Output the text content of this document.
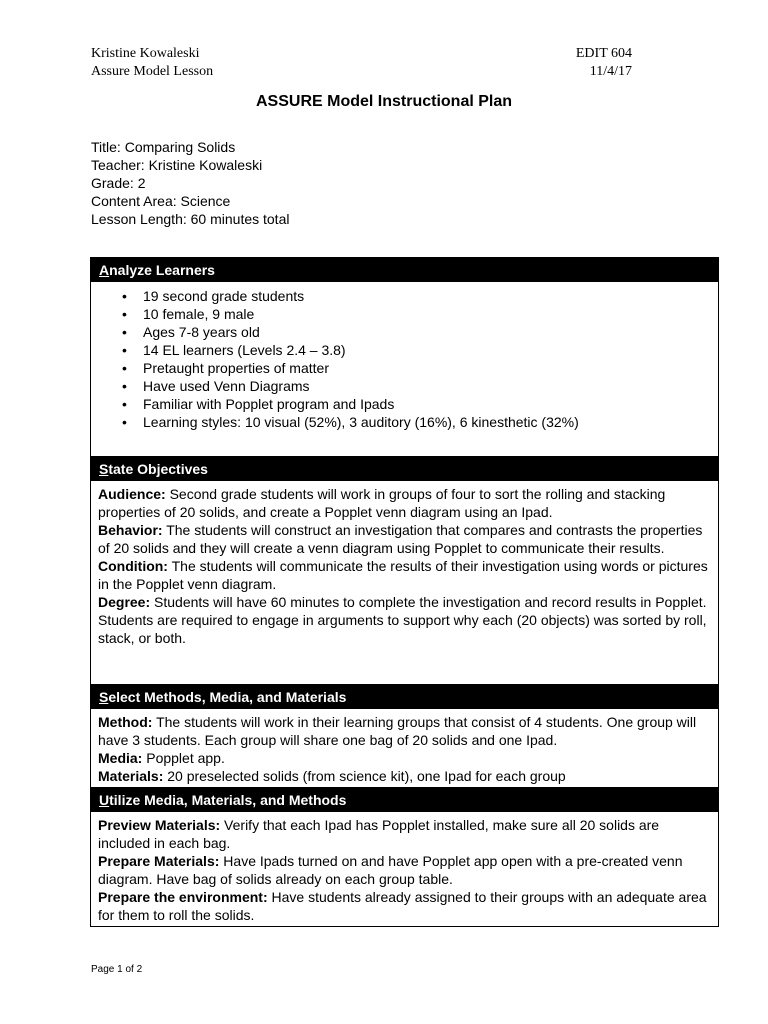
Kristine Kowaleski
Assure Model Lesson
EDIT 604
11/4/17
ASSURE Model Instructional Plan
Title: Comparing Solids
Teacher: Kristine Kowaleski
Grade: 2
Content Area: Science
Lesson Length: 60 minutes total
Analyze Learners
• 19 second grade students
• 10 female, 9 male
• Ages 7-8 years old
• 14 EL learners (Levels 2.4 – 3.8)
• Pretaught properties of matter
• Have used Venn Diagrams
• Familiar with Popplet program and Ipads
• Learning styles: 10 visual (52%), 3 auditory (16%), 6 kinesthetic (32%)
State Objectives

Audience: Second grade students will work in groups of four to sort the rolling and stacking properties of 20 solids, and create a Popplet venn diagram using an Ipad.

Behavior: The students will construct an investigation that compares and contrasts the properties of 20 solids and they will create a venn diagram using Popplet to communicate their results.

Condition: The students will communicate the results of their investigation using words or pictures in the Popplet venn diagram.

Degree: Students will have 60 minutes to complete the investigation and record results in Popplet. Students are required to engage in arguments to support why each (20 objects) was sorted by roll, stack, or both.

Select Methods, Media, and Materials

Method: The students will work in their learning groups that consist of 4 students. One group will have 3 students. Each group will share one bag of 20 solids and one Ipad.

Media: Popplet app.

Materials: 20 preselected solids (from science kit), one Ipad for each group

Utilize Media, Materials, and Methods

Preview Materials: Verify that each Ipad has Popplet installed, make sure all 20 solids are included in each bag.

Prepare Materials: Have Ipads turned on and have Popplet app open with a pre-created venn diagram. Have bag of solids already on each group table.

Prepare the environment: Have students already assigned to their groups with an adequate area for them to roll the solids.

Page 1 of 2
